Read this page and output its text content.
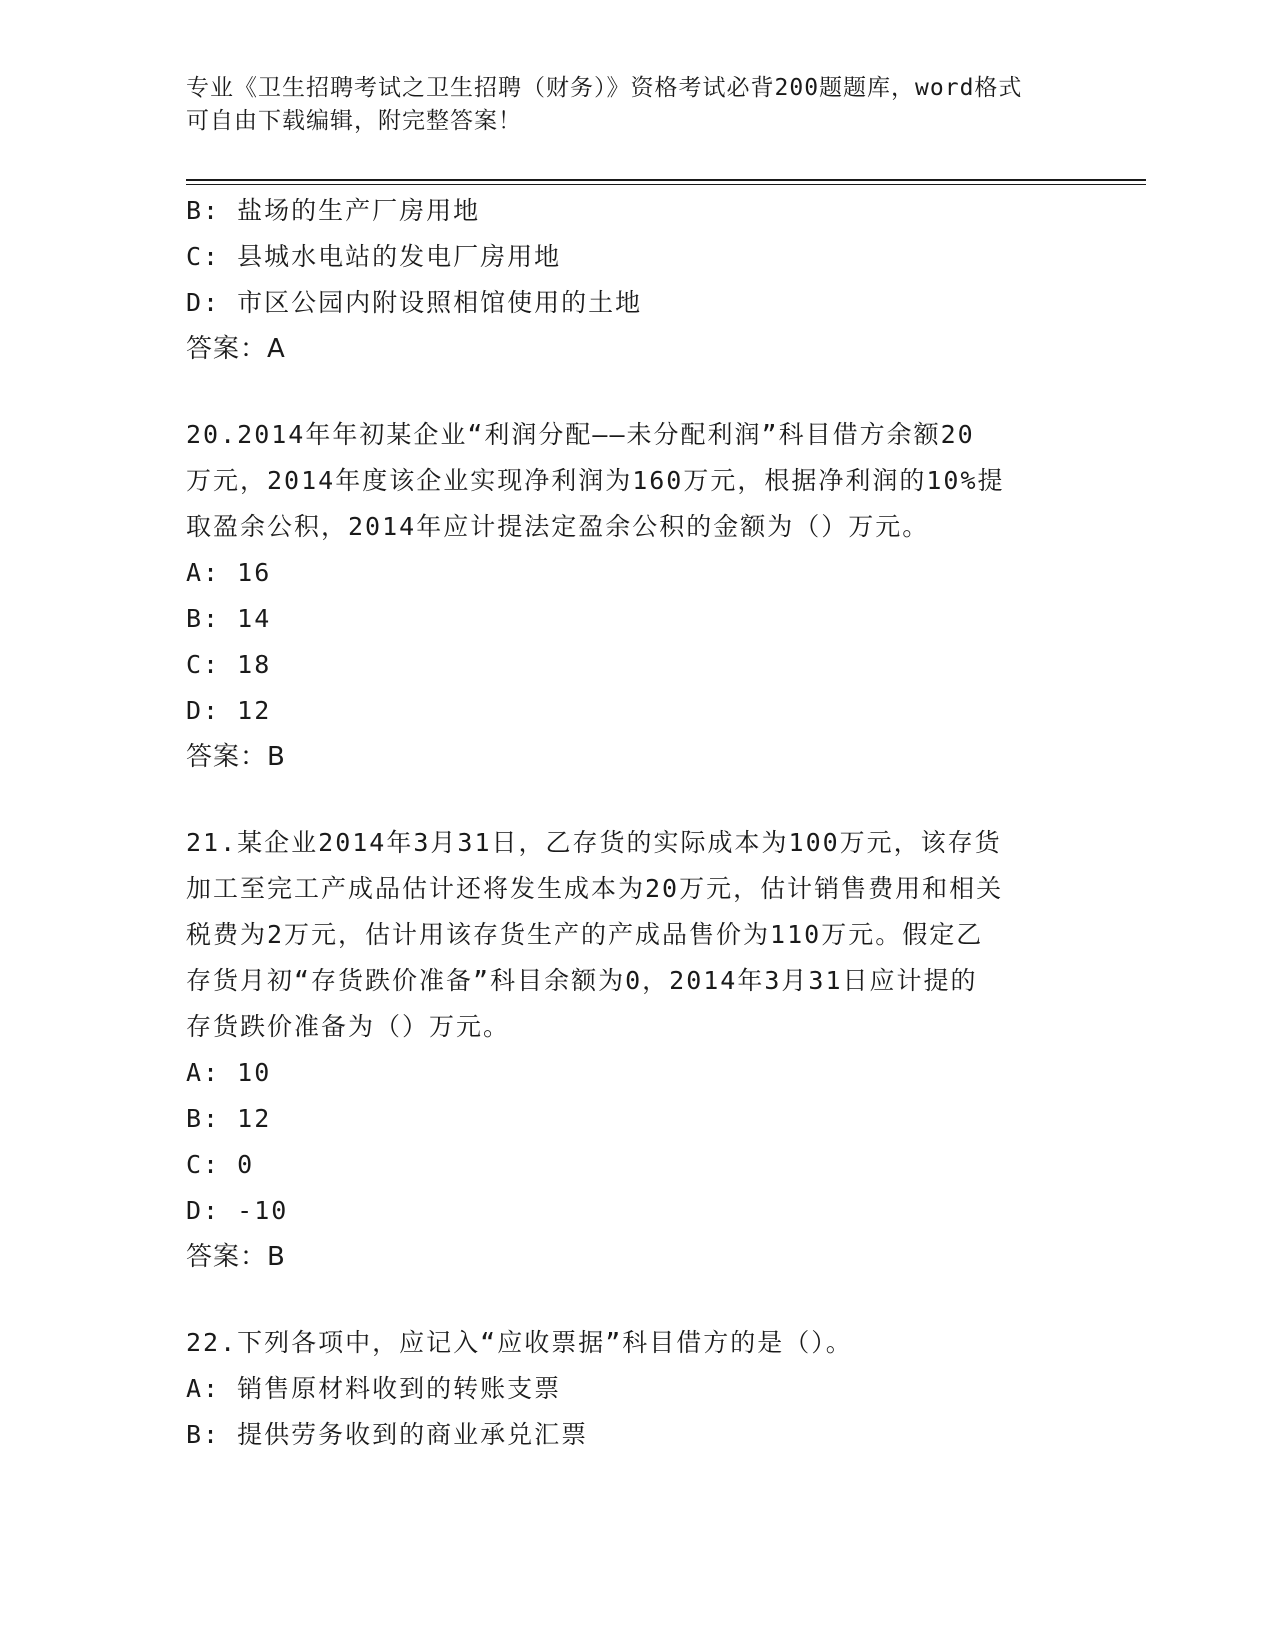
专业《卫生招聘考试之卫生招聘（财务）》资格考试必背200题题库，word格式
可自由下载编辑，附完整答案！
B: 盐场的生产厂房用地
C: 县城水电站的发电厂房用地
D: 市区公园内附设照相馆使用的土地
答案：A
20.2014年年初某企业“利润分配——未分配利润”科目借方余额20
万元，2014年度该企业实现净利润为160万元，根据净利润的10%提
取盈余公积，2014年应计提法定盈余公积的金额为（）万元。
A: 16
B: 14
C: 18
D: 12
答案：B
21.某企业2014年3月31日，乙存货的实际成本为100万元，该存货
加工至完工产成品估计还将发生成本为20万元，估计销售费用和相关
税费为2万元，估计用该存货生产的产成品售价为110万元。假定乙
存货月初“存货跌价准备”科目余额为0，2014年3月31日应计提的
存货跌价准备为（）万元。
A: 10
B: 12
C: 0
D: -10
答案：B
22.下列各项中，应记入“应收票据”科目借方的是（）。
A: 销售原材料收到的转账支票
B: 提供劳务收到的商业承兑汇票
